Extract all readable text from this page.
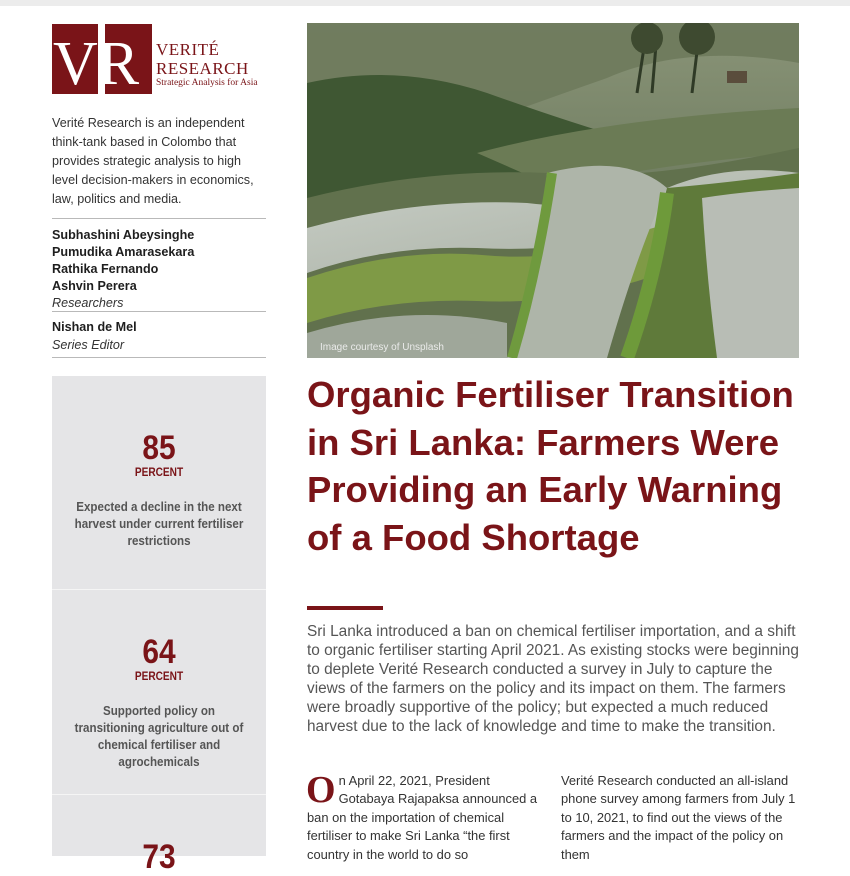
VR VERITÉ
RESEARCH
Strategic Analysis for Asia
Verité Research is an independent think-tank based in Colombo that provides strategic analysis to high level decision-makers in economics, law, politics and media.
Subhashini Abeysinghe
Pumudika Amarasekara
Rathika Fernando
Ashvin Perera
Researchers
Nishan de Mel
Series Editor
85
PERCENT
Expected a decline in the next harvest under current fertiliser restrictions
64
PERCENT
Supported policy on transitioning agriculture out of chemical fertiliser and agrochemicals
73
Image courtesy of Unsplash
Organic Fertiliser Transition in Sri Lanka: Farmers Were Providing an Early Warning of a Food Shortage
Sri Lanka introduced a ban on chemical fertiliser importation, and a shift to organic fertiliser starting April 2021. As existing stocks were beginning to deplete Verité Research conducted a survey in July to capture the views of the farmers on the policy and its impact on them. The farmers were broadly supportive of the policy; but expected a much reduced harvest due to the lack of knowledge and time to make the transition.
On April 22, 2021, President Gotabaya Rajapaksa announced a ban on the importation of chemical fertiliser to make Sri Lanka “the first country in the world to do so
Verité Research conducted an all-island phone survey among farmers from July 1 to 10, 2021, to find out the views of the farmers and the impact of the policy on them
